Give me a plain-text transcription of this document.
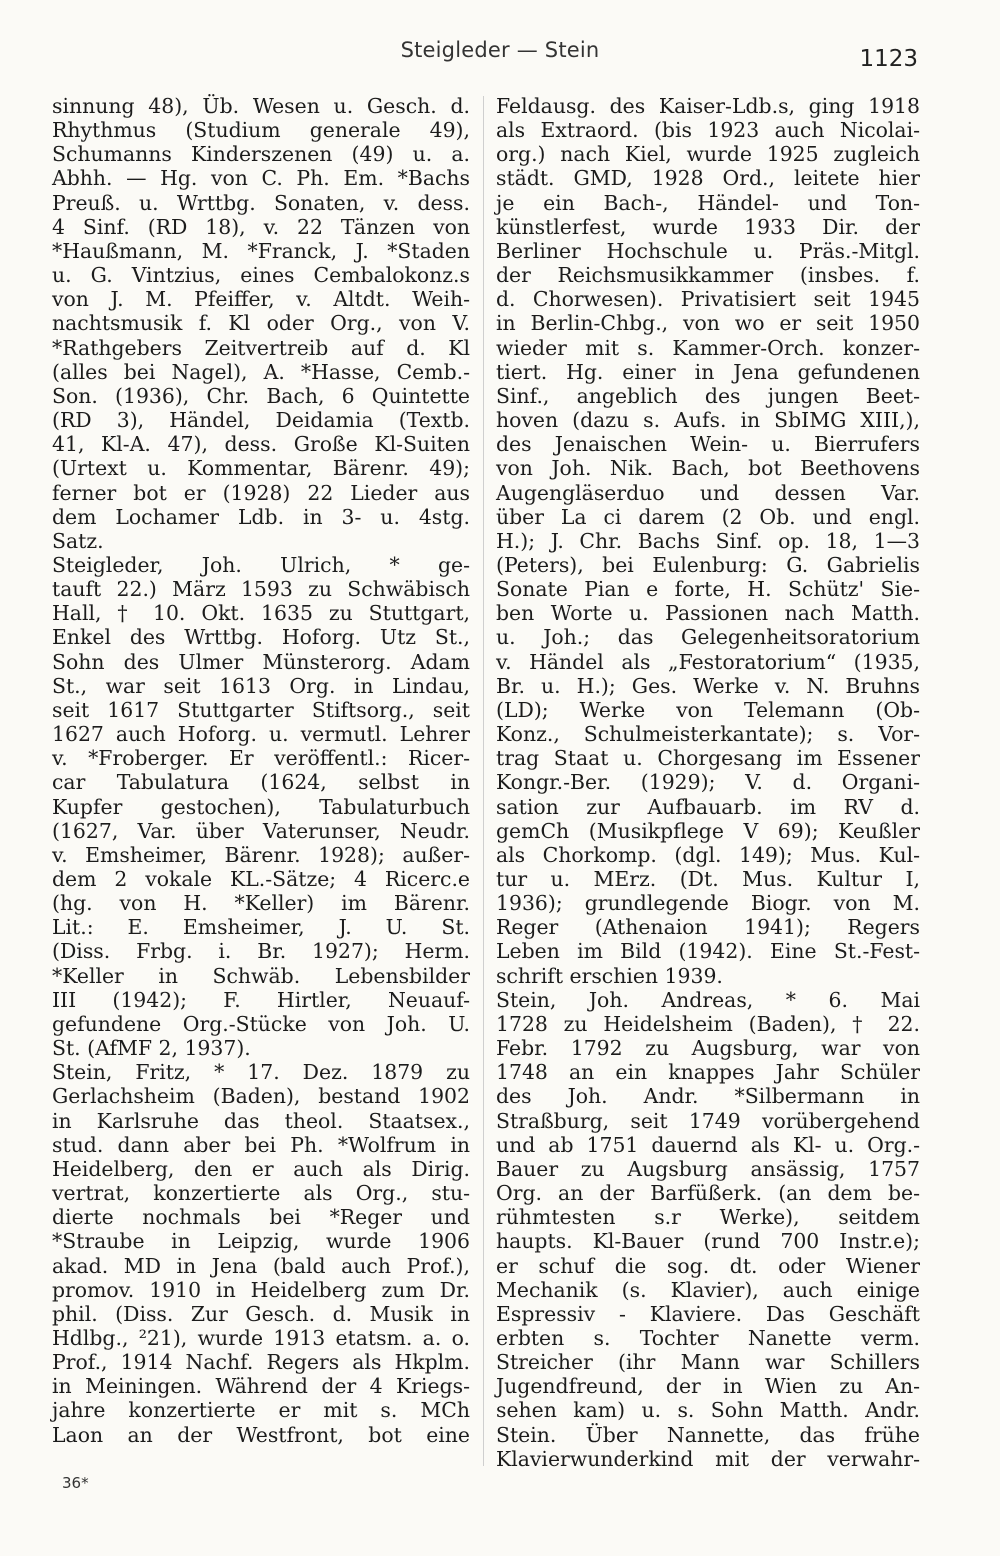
Steigleder — Stein	1123
sinnung 48), Üb. Wesen u. Gesch. d.
Rhythmus (Studium generale 49),
Schumanns Kinderszenen (49) u. a.
Abhh. — Hg. von C. Ph. Em. *Bachs
Preuß. u. Wrttbg. Sonaten, v. dess.
4 Sinf. (RD 18), v. 22 Tänzen von
*Haußmann, M. *Franck, J. *Staden
u. G. Vintzius, eines Cembalokonz.s
von J. M. Pfeiffer, v. Altdt. Weih-
nachtsmusik f. Kl oder Org., von V.
*Rathgebers Zeitvertreib auf d. Kl
(alles bei Nagel), A. *Hasse, Cemb.-
Son. (1936), Chr. Bach, 6 Quintette
(RD 3), Händel, Deidamia (Textb.
41, Kl-A. 47), dess. Große Kl-Suiten
(Urtext u. Kommentar, Bärenr. 49);
ferner bot er (1928) 22 Lieder aus
dem Lochamer Ldb. in 3- u. 4stg.
Satz.
Steigleder, Joh. Ulrich, * ge-
tauft 22.) März 1593 zu Schwäbisch
Hall, † 10. Okt. 1635 zu Stuttgart,
Enkel des Wrttbg. Hoforg. Utz St.,
Sohn des Ulmer Münsterorg. Adam
St., war seit 1613 Org. in Lindau,
seit 1617 Stuttgarter Stiftsorg., seit
1627 auch Hoforg. u. vermutl. Lehrer
v. *Froberger. Er veröffentl.: Ricer-
car Tabulatura (1624, selbst in
Kupfer gestochen), Tabulaturbuch
(1627, Var. über Vaterunser, Neudr.
v. Emsheimer, Bärenr. 1928); außer-
dem 2 vokale KL.-Sätze; 4 Ricerc.e
(hg. von H. *Keller) im Bärenr.
Lit.: E. Emsheimer, J. U. St.
(Diss. Frbg. i. Br. 1927); Herm.
*Keller in Schwäb. Lebensbilder
III (1942); F. Hirtler, Neuauf-
gefundene Org.-Stücke von Joh. U.
St. (AfMF 2, 1937).
Stein, Fritz, * 17. Dez. 1879 zu
Gerlachsheim (Baden), bestand 1902
in Karlsruhe das theol. Staatsex.,
stud. dann aber bei Ph. *Wolfrum in
Heidelberg, den er auch als Dirig.
vertrat, konzertierte als Org., stu-
dierte nochmals bei *Reger und
*Straube in Leipzig, wurde 1906
akad. MD in Jena (bald auch Prof.),
promov. 1910 in Heidelberg zum Dr.
phil. (Diss. Zur Gesch. d. Musik in
Hdlbg., ²21), wurde 1913 etatsm. a. o.
Prof., 1914 Nachf. Regers als Hkplm.
in Meiningen. Während der 4 Kriegs-
jahre konzertierte er mit s. MCh
Laon an der Westfront, bot eine
Feldausg. des Kaiser-Ldb.s, ging 1918
als Extraord. (bis 1923 auch Nicolai-
org.) nach Kiel, wurde 1925 zugleich
städt. GMD, 1928 Ord., leitete hier
je ein Bach-, Händel- und Ton-
künstlerfest, wurde 1933 Dir. der
Berliner Hochschule u. Präs.-Mitgl.
der Reichsmusikkammer (insbes. f.
d. Chorwesen). Privatisiert seit 1945
in Berlin-Chbg., von wo er seit 1950
wieder mit s. Kammer-Orch. konzer-
tiert. Hg. einer in Jena gefundenen
Sinf., angeblich des jungen Beet-
hoven (dazu s. Aufs. in SbIMG XIII,),
des Jenaischen Wein- u. Bierrufers
von Joh. Nik. Bach, bot Beethovens
Augengläserduo und dessen Var.
über La ci darem (2 Ob. und engl.
H.); J. Chr. Bachs Sinf. op. 18, 1—3
(Peters), bei Eulenburg: G. Gabrielis
Sonate Pian e forte, H. Schütz' Sie-
ben Worte u. Passionen nach Matth.
u. Joh.; das Gelegenheitsoratorium
v. Händel als „Festoratorium“ (1935,
Br. u. H.); Ges. Werke v. N. Bruhns
(LD); Werke von Telemann (Ob-
Konz., Schulmeisterkantate); s. Vor-
trag Staat u. Chorgesang im Essener
Kongr.-Ber. (1929); V. d. Organi-
sation zur Aufbauarb. im RV d.
gemCh (Musikpflege V 69); Keußler
als Chorkomp. (dgl. 149); Mus. Kul-
tur u. MErz. (Dt. Mus. Kultur I,
1936); grundlegende Biogr. von M.
Reger (Athenaion 1941); Regers
Leben im Bild (1942). Eine St.-Fest-
schrift erschien 1939.
Stein, Joh. Andreas, * 6. Mai
1728 zu Heidelsheim (Baden), † 22.
Febr. 1792 zu Augsburg, war von
1748 an ein knappes Jahr Schüler
des Joh. Andr. *Silbermann in
Straßburg, seit 1749 vorübergehend
und ab 1751 dauernd als Kl- u. Org.-
Bauer zu Augsburg ansässig, 1757
Org. an der Barfüßerk. (an dem be-
rühmtesten s.r Werke), seitdem
haupts. Kl-Bauer (rund 700 Instr.e);
er schuf die sog. dt. oder Wiener
Mechanik (s. Klavier), auch einige
Espressiv - Klaviere. Das Geschäft
erbten s. Tochter Nanette verm.
Streicher (ihr Mann war Schillers
Jugendfreund, der in Wien zu An-
sehen kam) u. s. Sohn Matth. Andr.
Stein. Über Nannette, das frühe
Klavierwunderkind mit der verwahr-
36*
